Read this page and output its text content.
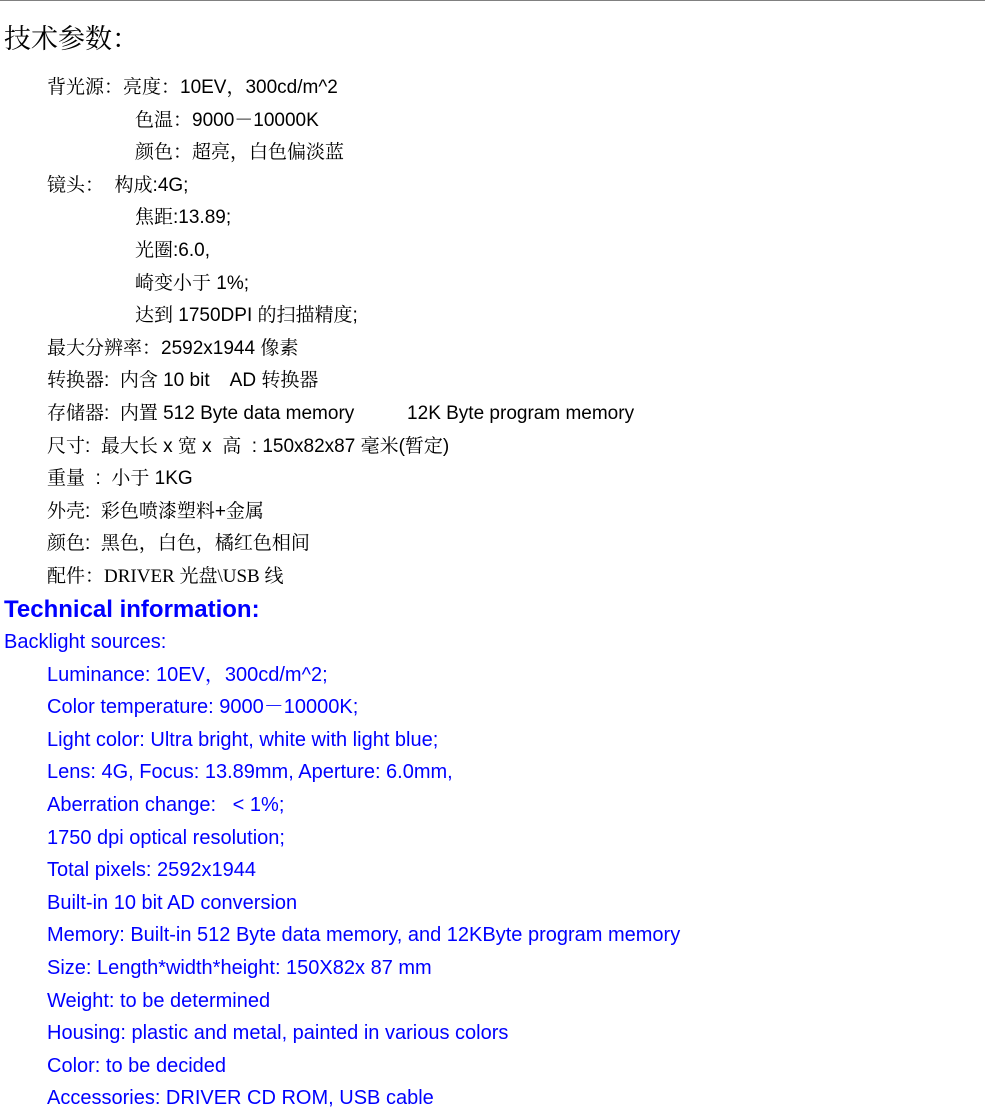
技术参数：
背光源：亮度：10EV，300cd/m^2
色温：9000－10000K
颜色：超亮，白色偏淡蓝
镜头：  构成:4G;
焦距:13.89;
光圈:6.0,
崎变小于 1%;
达到 1750DPI 的扫描精度;
最大分辨率：2592x1944 像素
转换器:  内含 10 bit    AD 转换器
存储器:  内置 512 Byte data memory          12K Byte program memory
尺寸:  最大长 x 宽 x  高  : 150x82x87 毫米(暂定)
重量  :  小于 1KG
外壳:  彩色喷漆塑料+金属
颜色:  黑色，白色，橘红色相间
配件：DRIVER 光盘\USB 线
Technical information:
Backlight sources:
Luminance: 10EV，300cd/m^2;
Color temperature: 9000－10000K;
Light color: Ultra bright, white with light blue;
Lens: 4G, Focus: 13.89mm, Aperture: 6.0mm,
Aberration change:   < 1%;
1750 dpi optical resolution;
Total pixels: 2592x1944
Built-in 10 bit AD conversion
Memory: Built-in 512 Byte data memory, and 12KByte program memory
Size: Length*width*height: 150X82x 87 mm
Weight: to be determined
Housing: plastic and metal, painted in various colors
Color: to be decided
Accessories: DRIVER CD ROM, USB cable
